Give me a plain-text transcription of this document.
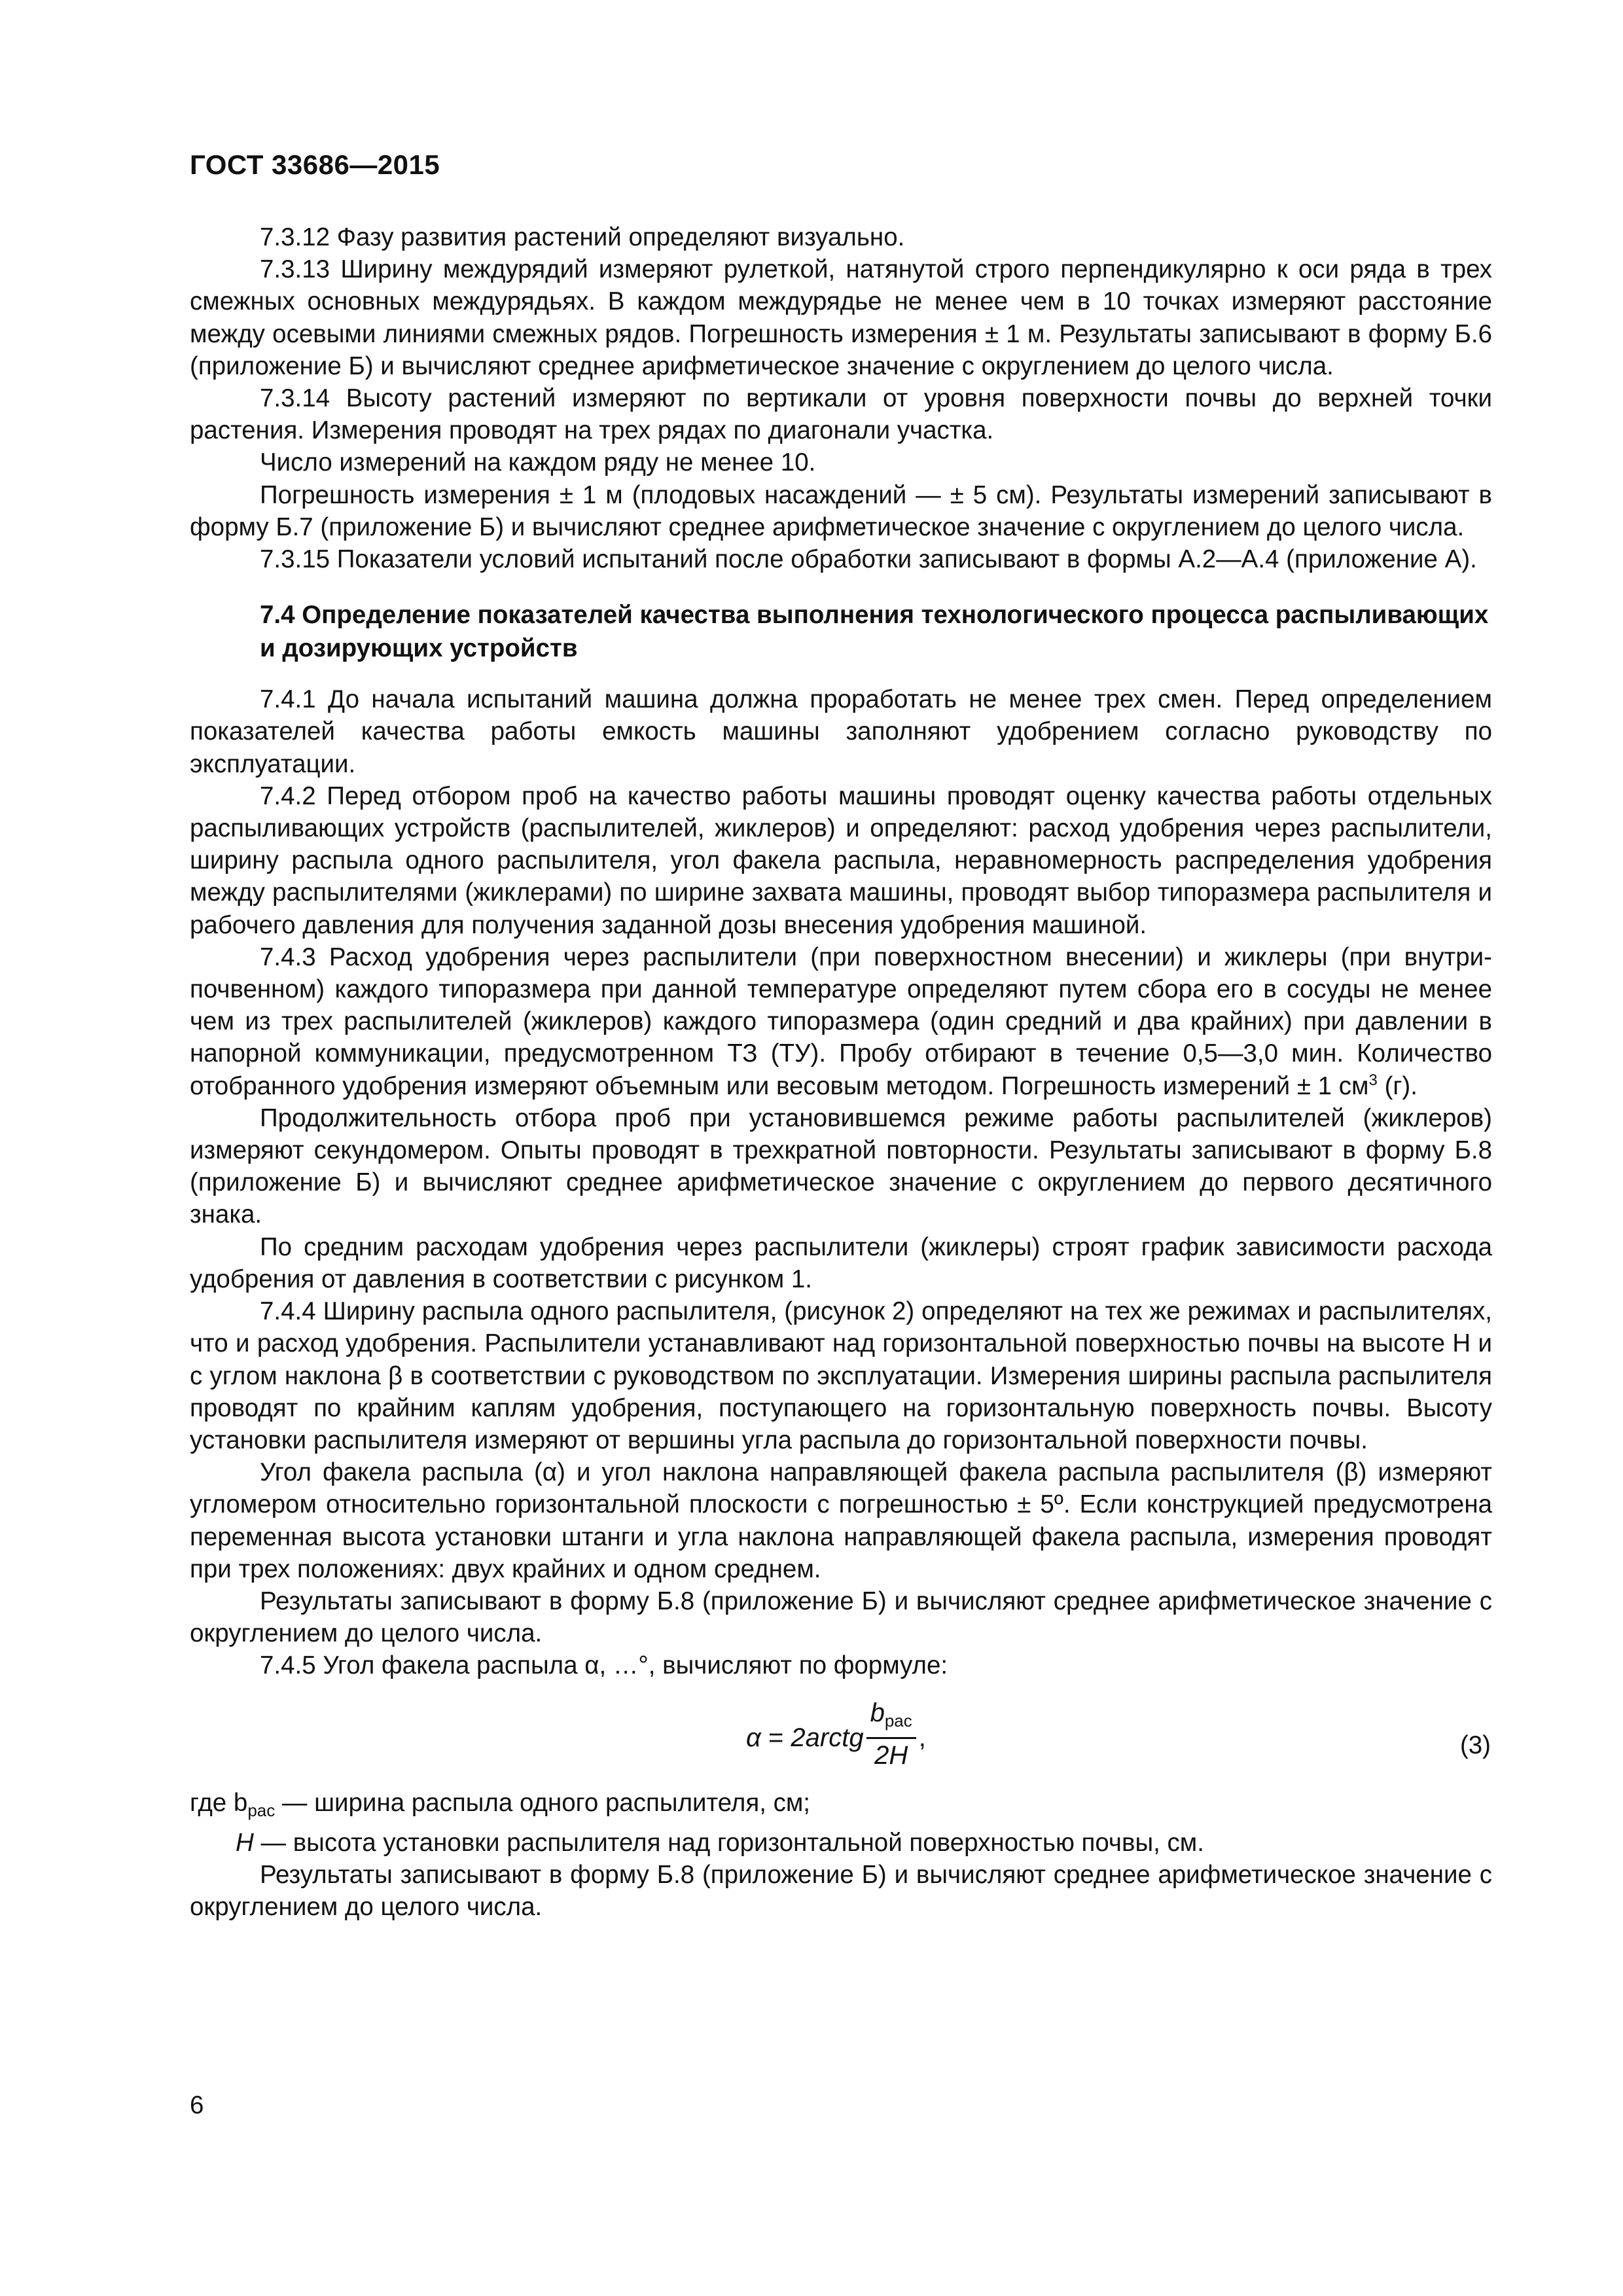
ГОСТ 33686—2015

7.3.12 Фазу развития растений определяют визуально.

7.3.13 Ширину междурядий измеряют рулеткой, натянутой строго перпендикулярно к оси ряда в трех смежных основных междурядьях. В каждом междурядье не менее чем в 10 точках измеряют расстояние между осевыми линиями смежных рядов. Погрешность измерения ± 1 м. Результаты записывают в форму Б.6 (приложение Б) и вычисляют среднее арифметическое значение с округлением до целого числа.

7.3.14 Высоту растений измеряют по вертикали от уровня поверхности почвы до верхней точки растения. Измерения проводят на трех рядах по диагонали участка.

Число измерений на каждом ряду не менее 10.

Погрешность измерения ± 1 м (плодовых насаждений — ± 5 см). Результаты измерений записывают в форму Б.7 (приложение Б) и вычисляют среднее арифметическое значение с округлением до целого числа.

7.3.15 Показатели условий испытаний после обработки записывают в формы А.2—А.4 (приложение А).

7.4 Определение показателей качества выполнения технологического процесса распыливающих и дозирующих устройств

7.4.1 До начала испытаний машина должна проработать не менее трех смен. Перед определением показателей качества работы емкость машины заполняют удобрением согласно руководству по эксплуатации.

7.4.2 Перед отбором проб на качество работы машины проводят оценку качества работы отдельных распыливающих устройств (распылителей, жиклеров) и определяют: расход удобрения через распылители, ширину распыла одного распылителя, угол факела распыла, неравномерность распределения удобрения между распылителями (жиклерами) по ширине захвата машины, проводят выбор типоразмера распылителя и рабочего давления для получения заданной дозы внесения удобрения машиной.

7.4.3 Расход удобрения через распылители (при поверхностном внесении) и жиклеры (при внутрипочвенном) каждого типоразмера при данной температуре определяют путем сбора его в сосуды не менее чем из трех распылителей (жиклеров) каждого типоразмера (один средний и два крайних) при давлении в напорной коммуникации, предусмотренном ТЗ (ТУ). Пробу отбирают в течение 0,5—3,0 мин. Количество отобранного удобрения измеряют объемным или весовым методом. Погрешность измерений ± 1 $см^3$ (г).

Продолжительность отбора проб при установившемся режиме работы распылителей (жиклеров) измеряют секундомером. Опыты проводят в трехкратной повторности. Результаты записывают в форму Б.8 (приложение Б) и вычисляют среднее арифметическое значение с округлением до первого десятичного знака.

По средним расходам удобрения через распылители (жиклеры) строят график зависимости расхода удобрения от давления в соответствии с рисунком 1.

7.4.4 Ширину распыла одного распылителя, (рисунок 2) определяют на тех же режимах и распылителях, что и расход удобрения. Распылители устанавливают над горизонтальной поверхностью почвы на высоте Н и с углом наклона β в соответствии с руководством по эксплуатации. Измерения ширины распыла распылителя проводят по крайним каплям удобрения, поступающего на горизонтальную поверхность почвы. Высоту установки распылителя измеряют от вершины угла распыла до горизонтальной поверхности почвы.

Угол факела распыла (α) и угол наклона направляющей факела распыла распылителя (β) измеряют угломером относительно горизонтальной плоскости с погрешностью ± 5º. Если конструкцией предусмотрена переменная высота установки штанги и угла наклона направляющей факела распыла, измерения проводят при трех положениях: двух крайних и одном среднем.

Результаты записывают в форму Б.8 (приложение Б) и вычисляют среднее арифметическое значение с округлением до целого числа.

7.4.5 Угол факела распыла α, …°, вычисляют по формуле:

α = 2arctg $\frac{b_{рас}}{2H}$ ,	(3)

где $b_{рас}$ — ширина распыла одного распылителя, см;

Н — высота установки распылителя над горизонтальной поверхностью почвы, см.

Результаты записывают в форму Б.8 (приложение Б) и вычисляют среднее арифметическое значение с округлением до целого числа.

6
